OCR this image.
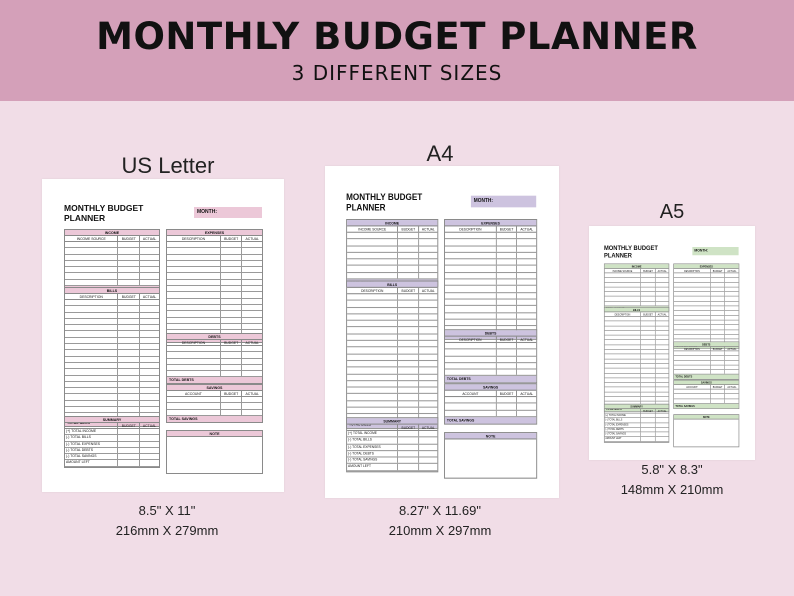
MONTHLY BUDGET PLANNER
3 DIFFERENT SIZES
US Letter	A4
A5
MONTHLY BUDGET
PLANNER
MONTH:
INCOME
INCOME SOURCE	BUDGET	ACTUAL

BILLS
DESCRIPTION	BUDGET	ACTUAL

SUMMARY
BUDGET	ACTUAL
(+) TOTAL INCOME

(-) TOTAL BILLS

(-) TOTAL EXPENSES

(-) TOTAL DEBTS

(-) TOTAL SAVINGS

AMOUNT LEFT

EXPENSES
DESCRIPTION	BUDGET	ACTUAL

DEBTS
DESCRIPTION	BUDGET	ACTUAL

TOTAL DEBTS
SAVINGS
ACCOUNT	BUDGET	ACTUAL

TOTAL SAVINGS
NOTE
MONTHLY BUDGET
PLANNER
MONTH:
INCOME
INCOME SOURCE	BUDGET	ACTUAL

BILLS
DESCRIPTION	BUDGET	ACTUAL

SUMMARY
BUDGET	ACTUAL
(+) TOTAL INCOME

(-) TOTAL BILLS

(-) TOTAL EXPENSES

(-) TOTAL DEBTS

(-) TOTAL SAVINGS

AMOUNT LEFT

EXPENSES
DESCRIPTION	BUDGET	ACTUAL

DEBTS
DESCRIPTION	BUDGET	ACTUAL

TOTAL DEBTS
SAVINGS
ACCOUNT	BUDGET	ACTUAL

TOTAL SAVINGS
NOTE
MONTHLY BUDGET
PLANNER
MONTH:
INCOME
INCOME SOURCE	BUDGET	ACTUAL

BILLS
DESCRIPTION	BUDGET	ACTUAL

SUMMARY
BUDGET	ACTUAL
(+) TOTAL INCOME

(-) TOTAL BILLS

(-) TOTAL EXPENSES

(-) TOTAL DEBTS

(-) TOTAL SAVINGS

AMOUNT LEFT

EXPENSES
DESCRIPTION	BUDGET	ACTUAL

DEBTS
DESCRIPTION	BUDGET	ACTUAL

TOTAL DEBTS
SAVINGS
ACCOUNT	BUDGET	ACTUAL

TOTAL SAVINGS
NOTE
8.5" X 11"
216mm X 279mm
8.27" X 11.69"
210mm X 297mm
5.8" X 8.3"
148mm X 210mm
